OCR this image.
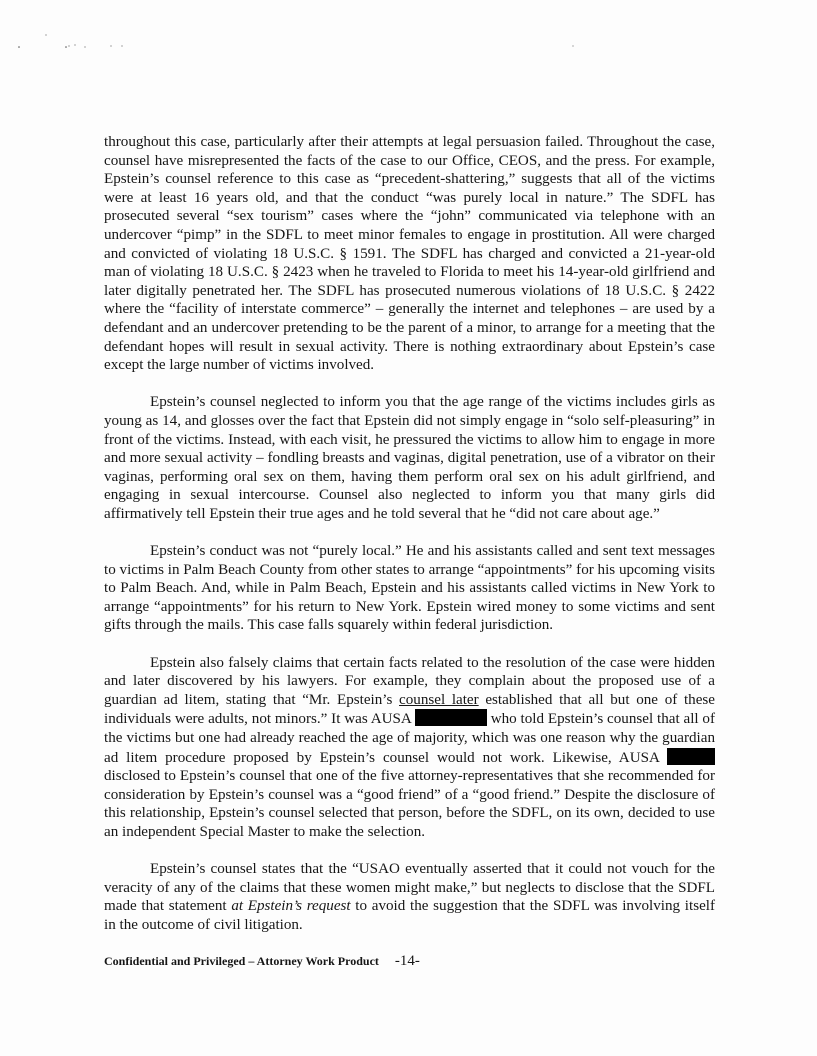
throughout this case, particularly after their attempts at legal persuasion failed. Throughout the case, counsel have misrepresented the facts of the case to our Office, CEOS, and the press. For example, Epstein’s counsel reference to this case as “precedent-shattering,” suggests that all of the victims were at least 16 years old, and that the conduct “was purely local in nature.” The SDFL has prosecuted several “sex tourism” cases where the “john” communicated via telephone with an undercover “pimp” in the SDFL to meet minor females to engage in prostitution. All were charged and convicted of violating 18 U.S.C. § 1591. The SDFL has charged and convicted a 21-year-old man of violating 18 U.S.C. § 2423 when he traveled to Florida to meet his 14-year-old girlfriend and later digitally penetrated her. The SDFL has prosecuted numerous violations of 18 U.S.C. § 2422 where the “facility of interstate commerce” – generally the internet and telephones – are used by a defendant and an undercover pretending to be the parent of a minor, to arrange for a meeting that the defendant hopes will result in sexual activity. There is nothing extraordinary about Epstein’s case except the large number of victims involved.

Epstein’s counsel neglected to inform you that the age range of the victims includes girls as young as 14, and glosses over the fact that Epstein did not simply engage in “solo self-pleasuring” in front of the victims. Instead, with each visit, he pressured the victims to allow him to engage in more and more sexual activity – fondling breasts and vaginas, digital penetration, use of a vibrator on their vaginas, performing oral sex on them, having them perform oral sex on his adult girlfriend, and engaging in sexual intercourse. Counsel also neglected to inform you that many girls did affirmatively tell Epstein their true ages and he told several that he “did not care about age.”

Epstein’s conduct was not “purely local.” He and his assistants called and sent text messages to victims in Palm Beach County from other states to arrange “appointments” for his upcoming visits to Palm Beach. And, while in Palm Beach, Epstein and his assistants called victims in New York to arrange “appointments” for his return to New York. Epstein wired money to some victims and sent gifts through the mails. This case falls squarely within federal jurisdiction.

Epstein also falsely claims that certain facts related to the resolution of the case were hidden and later discovered by his lawyers. For example, they complain about the proposed use of a guardian ad litem, stating that “Mr. Epstein’s counsel later established that all but one of these individuals were adults, not minors.” It was AUSA	who told Epstein’s counsel that all of the victims but one had already reached the age of majority, which was one reason why the guardian ad litem procedure proposed by Epstein’s counsel would not work. Likewise, AUSA  disclosed to Epstein’s counsel that one of the five attorney-representatives that she recommended for consideration by Epstein’s counsel was a “good friend” of a “good friend.” Despite the disclosure of this relationship, Epstein’s counsel selected that person, before the SDFL, on its own, decided to use an independent Special Master to make the selection.

Epstein’s counsel states that the “USAO eventually asserted that it could not vouch for the veracity of any of the claims that these women might make,” but neglects to disclose that the SDFL made that statement at Epstein’s request to avoid the suggestion that the SDFL was involving itself in the outcome of civil litigation.

Confidential and Privileged – Attorney Work Product -14-
